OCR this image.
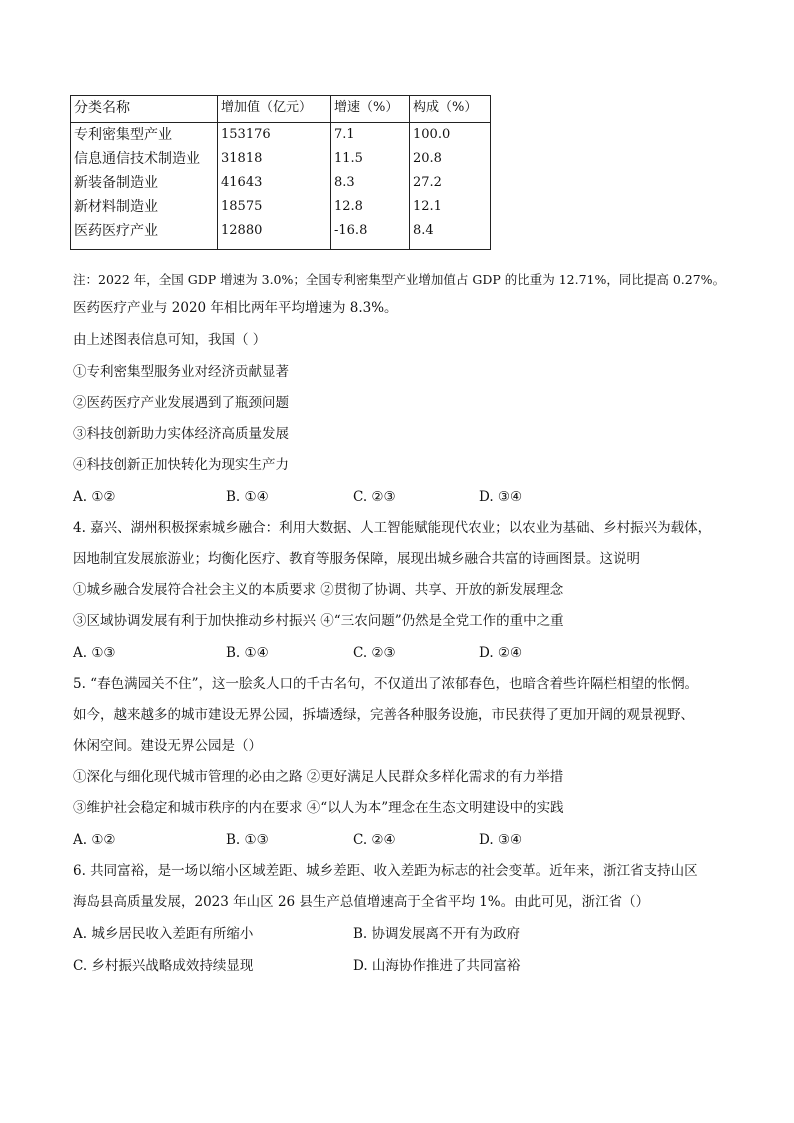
分类名称	增加值（亿元）	增速（%）	构成（%）
专利密集型产业	153176	7.1	100.0
信息通信技术制造业	31818	11.5	20.8
新装备制造业	41643	8.3	27.2
新材料制造业	18575	12.8	12.1
医药医疗产业	12880	-16.8	8.4
注：2022 年，全国 GDP 增速为 3.0%；全国专利密集型产业增加值占 GDP 的比重为 12.71%，同比提高 0.27%。
医药医疗产业与 2020 年相比两年平均增速为 8.3%。
由上述图表信息可知，我国（ ）
①专利密集型服务业对经济贡献显著
②医药医疗产业发展遇到了瓶颈问题
③科技创新助力实体经济高质量发展
④科技创新正加快转化为现实生产力
A. ①②	B. ①④	C. ②③	D. ③④
4. 嘉兴、湖州积极探索城乡融合：利用大数据、人工智能赋能现代农业；以农业为基础、乡村振兴为载体，
因地制宜发展旅游业；均衡化医疗、教育等服务保障，展现出城乡融合共富的诗画图景。这说明
①城乡融合发展符合社会主义的本质要求 ②贯彻了协调、共享、开放的新发展理念
③区域协调发展有利于加快推动乡村振兴 ④“三农问题”仍然是全党工作的重中之重
A. ①③	B. ①④	C. ②③	D. ②④
5. “春色满园关不住”，这一脍炙人口的千古名句，不仅道出了浓郁春色，也暗含着些许隔栏相望的怅惘。
如今，越来越多的城市建设无界公园，拆墙透绿，完善各种服务设施，市民获得了更加开阔的观景视野、
休闲空间。建设无界公园是（）
①深化与细化现代城市管理的必由之路 ②更好满足人民群众多样化需求的有力举措
③维护社会稳定和城市秩序的内在要求 ④“以人为本”理念在生态文明建设中的实践
A. ①②	B. ①③	C. ②④	D. ③④
6. 共同富裕，是一场以缩小区域差距、城乡差距、收入差距为标志的社会变革。近年来，浙江省支持山区
海岛县高质量发展，2023 年山区 26 县生产总值增速高于全省平均 1%。由此可见，浙江省（）
A. 城乡居民收入差距有所缩小	B. 协调发展离不开有为政府
C. 乡村振兴战略成效持续显现	D. 山海协作推进了共同富裕
